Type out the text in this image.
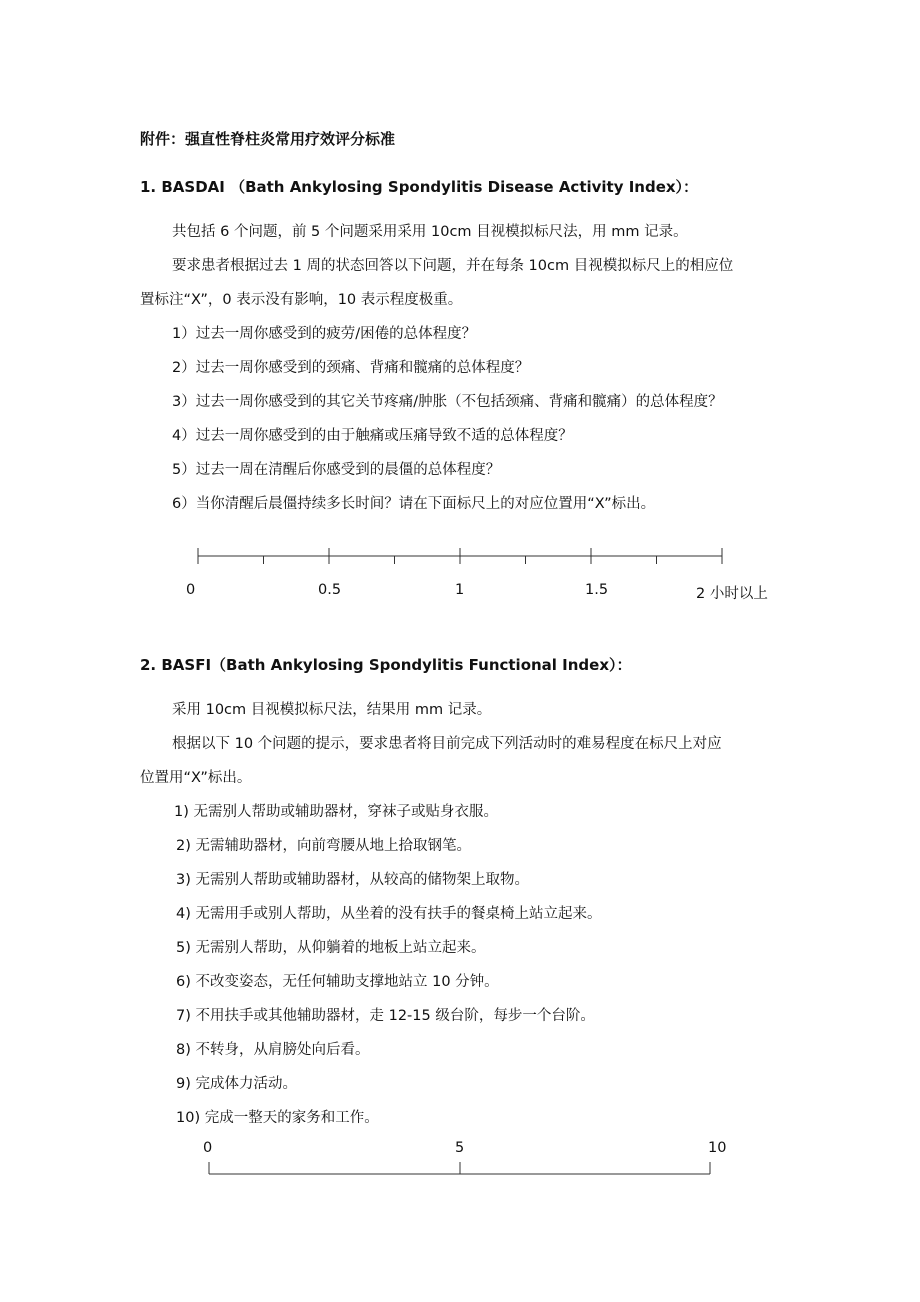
附件：强直性脊柱炎常用疗效评分标准
1. BASDAI （Bath Ankylosing Spondylitis Disease Activity Index）：
共包括 6 个问题，前 5 个问题采用采用 10cm 目视模拟标尺法，用 mm 记录。
要求患者根据过去 1 周的状态回答以下问题，并在每条 10cm 目视模拟标尺上的相应位
置标注“X”，0 表示没有影响，10 表示程度极重。
1）过去一周你感受到的疲劳/困倦的总体程度？
2）过去一周你感受到的颈痛、背痛和髋痛的总体程度？
3）过去一周你感受到的其它关节疼痛/肿胀（不包括颈痛、背痛和髋痛）的总体程度？
4）过去一周你感受到的由于触痛或压痛导致不适的总体程度？
5）过去一周在清醒后你感受到的晨僵的总体程度？
6）当你清醒后晨僵持续多长时间？请在下面标尺上的对应位置用“X”标出。
0	0.5	1	1.5	2 小时以上
2. BASFI（Bath Ankylosing Spondylitis Functional Index）：
采用 10cm 目视模拟标尺法，结果用 mm 记录。
根据以下 10 个问题的提示，要求患者将目前完成下列活动时的难易程度在标尺上对应
位置用“X”标出。
1) 无需别人帮助或辅助器材，穿袜子或贴身衣服。
2) 无需辅助器材，向前弯腰从地上拾取钢笔。
3) 无需别人帮助或辅助器材，从较高的储物架上取物。
4) 无需用手或别人帮助，从坐着的没有扶手的餐桌椅上站立起来。
5) 无需别人帮助，从仰躺着的地板上站立起来。
6) 不改变姿态，无任何辅助支撑地站立 10 分钟。
7) 不用扶手或其他辅助器材，走 12-15 级台阶，每步一个台阶。
8) 不转身，从肩膀处向后看。
9) 完成体力活动。
10) 完成一整天的家务和工作。
0	5	10
